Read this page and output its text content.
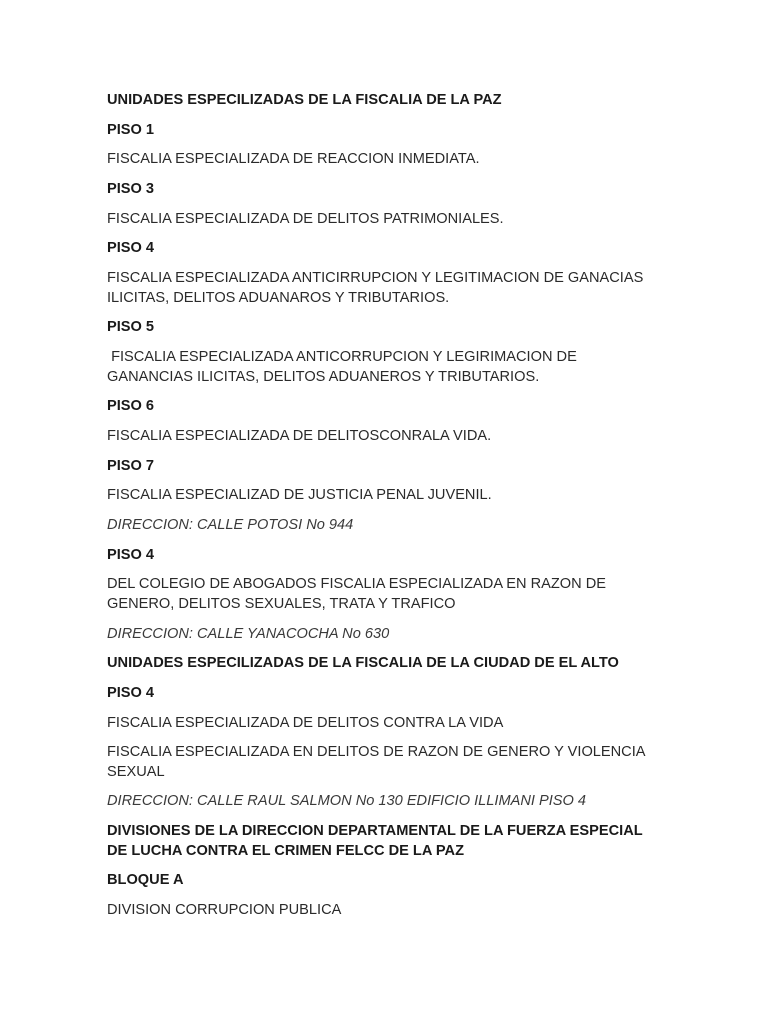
UNIDADES ESPECILIZADAS DE LA FISCALIA DE LA PAZ

PISO 1

FISCALIA ESPECIALIZADA DE REACCION INMEDIATA.

PISO 3

FISCALIA ESPECIALIZADA DE DELITOS PATRIMONIALES.

PISO 4

FISCALIA ESPECIALIZADA ANTICIRRUPCION Y LEGITIMACION DE GANACIAS ILICITAS, DELITOS ADUANAROS Y TRIBUTARIOS.

PISO 5

FISCALIA ESPECIALIZADA ANTICORRUPCION Y LEGIRIMACION DE GANANCIAS ILICITAS, DELITOS ADUANEROS Y TRIBUTARIOS.

PISO 6

FISCALIA ESPECIALIZADA DE DELITOSCONRALA VIDA.

PISO 7

FISCALIA ESPECIALIZAD DE JUSTICIA PENAL JUVENIL.

DIRECCION: CALLE POTOSI No 944

PISO 4

DEL COLEGIO DE ABOGADOS FISCALIA ESPECIALIZADA EN RAZON DE GENERO, DELITOS SEXUALES, TRATA Y TRAFICO

DIRECCION: CALLE YANACOCHA No 630

UNIDADES ESPECILIZADAS DE LA FISCALIA DE LA CIUDAD DE EL ALTO

PISO 4

FISCALIA ESPECIALIZADA DE DELITOS CONTRA LA VIDA

FISCALIA ESPECIALIZADA EN DELITOS DE RAZON DE GENERO Y VIOLENCIA SEXUAL

DIRECCION: CALLE RAUL SALMON No 130 EDIFICIO ILLIMANI PISO 4

DIVISIONES DE LA DIRECCION DEPARTAMENTAL DE LA FUERZA ESPECIAL DE LUCHA CONTRA EL CRIMEN FELCC DE LA PAZ

BLOQUE A

DIVISION CORRUPCION PUBLICA
